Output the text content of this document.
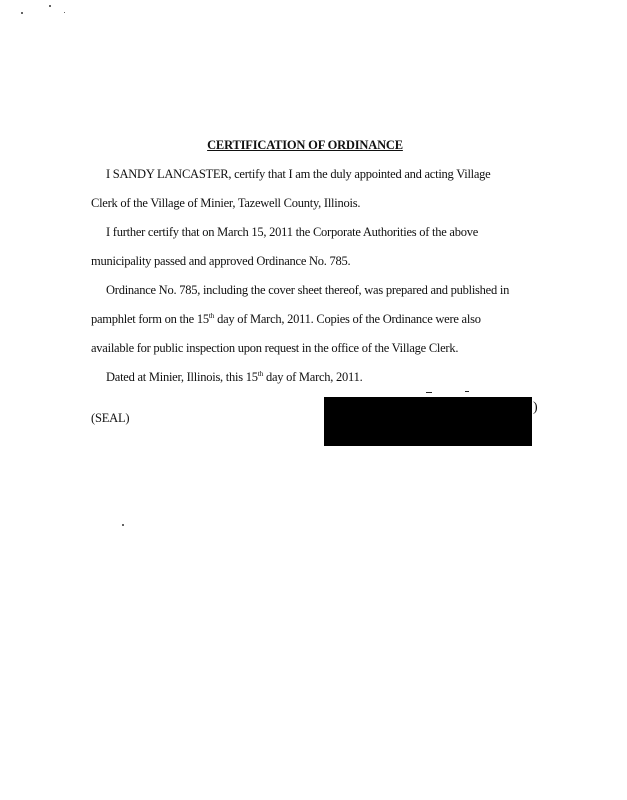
CERTIFICATION OF ORDINANCE
I SANDY LANCASTER, certify that I am the duly appointed and acting Village
Clerk of the Village of Minier, Tazewell County, Illinois.
I further certify that on March 15, 2011 the Corporate Authorities of the above
municipality passed and approved Ordinance No. 785.
Ordinance No. 785, including the cover sheet thereof, was prepared and published in
pamphlet form on the 15th day of March, 2011. Copies of the Ordinance were also
available for public inspection upon request in the office of the Village Clerk.
Dated at Minier, Illinois, this 15th day of March, 2011.
(SEAL)
)
